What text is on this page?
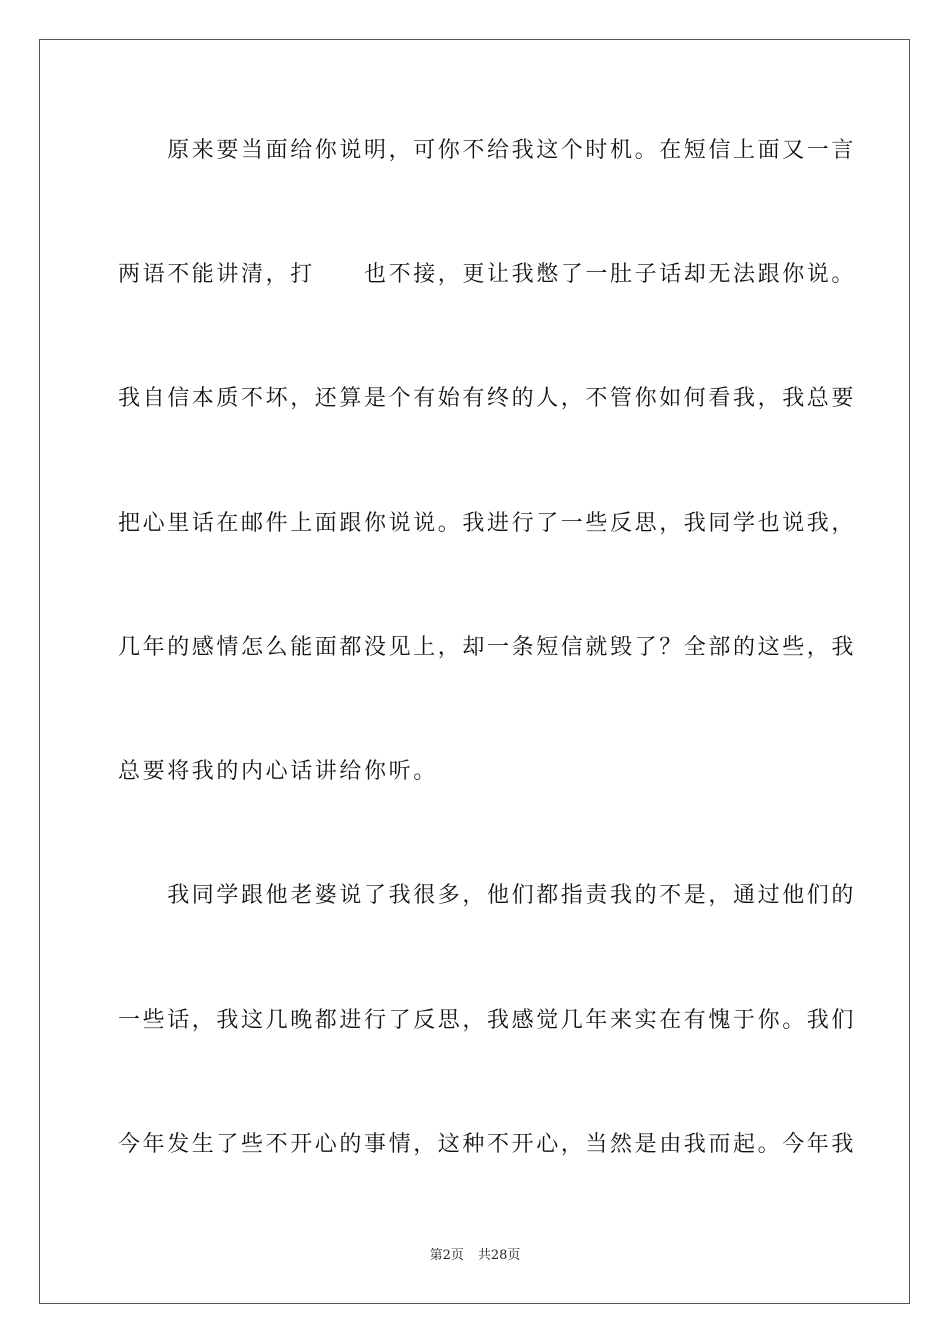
　　原来要当面给你说明，可你不给我这个时机。在短信上面又一言
两语不能讲清，打　　也不接，更让我憋了一肚子话却无法跟你说。
我自信本质不坏，还算是个有始有终的人，不管你如何看我，我总要
把心里话在邮件上面跟你说说。我进行了一些反思，我同学也说我，
几年的感情怎么能面都没见上，却一条短信就毁了？全部的这些，我
总要将我的内心话讲给你听。
　　我同学跟他老婆说了我很多，他们都指责我的不是，通过他们的
一些话，我这几晚都进行了反思，我感觉几年来实在有愧于你。我们
今年发生了些不开心的事情，这种不开心，当然是由我而起。今年我
第2页 共28页
